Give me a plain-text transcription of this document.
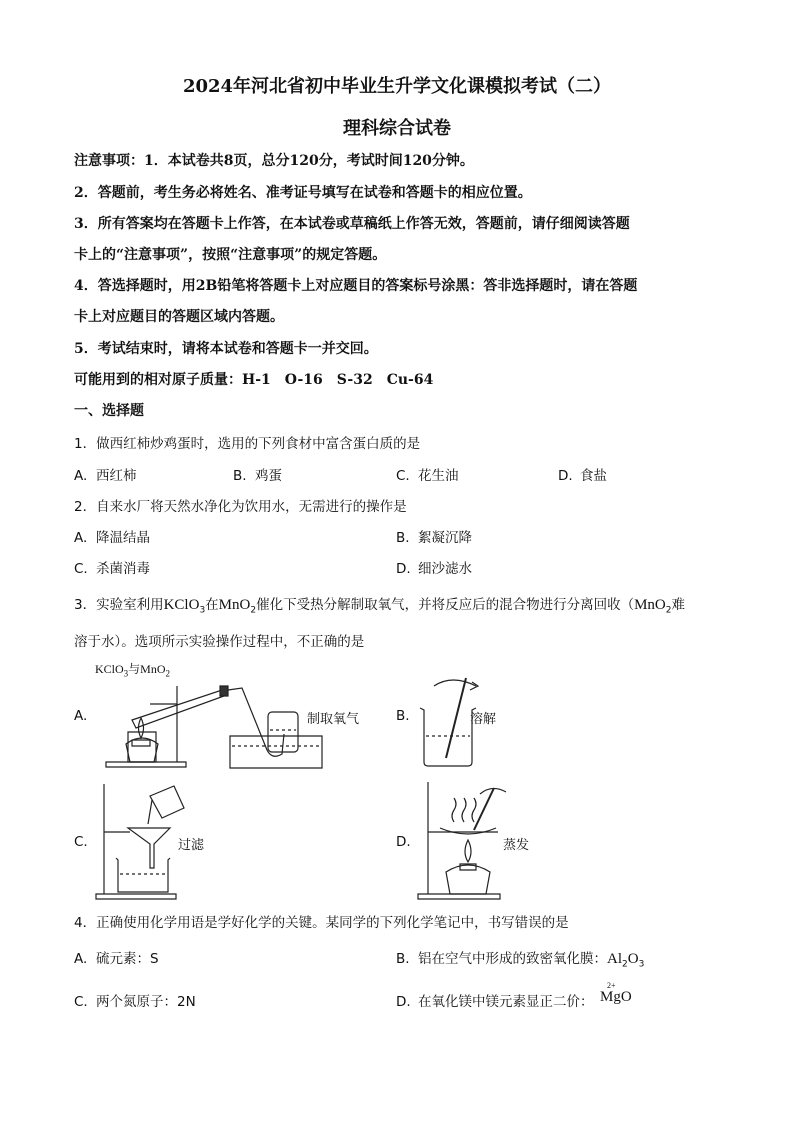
2024年河北省初中毕业生升学文化课模拟考试（二）
理科综合试卷
注意事项：1．本试卷共8页，总分120分，考试时间120分钟。
2．答题前，考生务必将姓名、准考证号填写在试卷和答题卡的相应位置。
3．所有答案均在答题卡上作答，在本试卷或草稿纸上作答无效，答题前，请仔细阅读答题
卡上的“注意事项”，按照“注意事项”的规定答题。
4．答选择题时，用2B铅笔将答题卡上对应题目的答案标号涂黑：答非选择题时，请在答题
卡上对应题目的答题区域内答题。
5．考试结束时，请将本试卷和答题卡一并交回。
可能用到的相对原子质量：H-1　O-16　S-32　Cu-64
一、选择题
1．做西红柿炒鸡蛋时，选用的下列食材中富含蛋白质的是
A. 西红柿	B. 鸡蛋	C. 花生油	D. 食盐
2．自来水厂将天然水净化为饮用水，无需进行的操作是
A. 降温结晶	B. 絮凝沉降
C. 杀菌消毒	D. 细沙滤水
3．实验室利用KClO$_3$在MnO$_2$催化下受热分解制取氧气，并将反应后的混合物进行分离回收（MnO$_2$难
溶于水）。选项所示实验操作过程中，不正确的是
KClO$_3$与MnO$_2$
A.	制取氧气	B.	溶解
C.	过滤	D.	蒸发
4．正确使用化学用语是学好化学的关键。某同学的下列化学笔记中，书写错误的是
A. 硫元素：S	B. 铝在空气中形成的致密氧化膜：$Al_2O_3$
C. 两个氮原子：2N	D. 在氧化镁中镁元素显正二价：
2+
MgO
